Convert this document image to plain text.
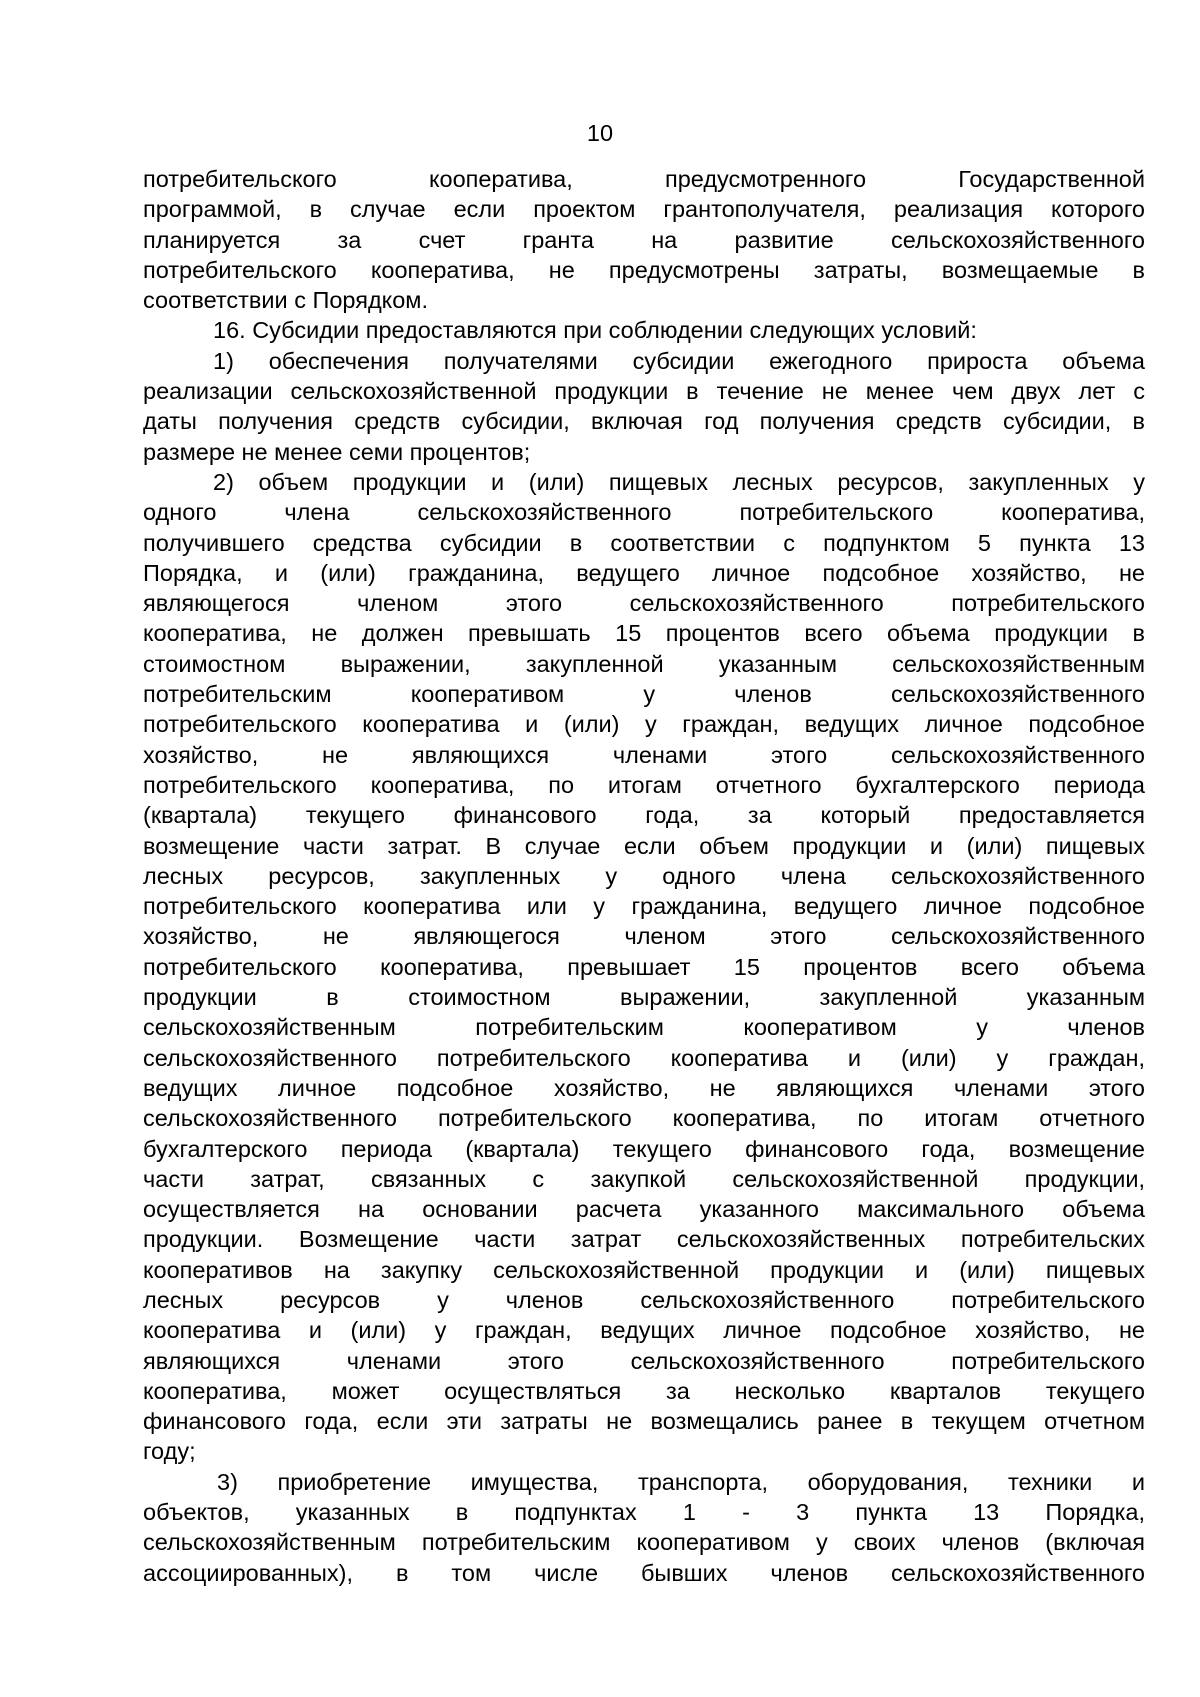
10

потребительского кооператива, предусмотренного Государственной
программой, в случае если проектом грантополучателя, реализация которого
планируется за счет гранта на развитие сельскохозяйственного
потребительского кооператива, не предусмотрены затраты, возмещаемые в
соответствии с Порядком.

16. Субсидии предоставляются при соблюдении следующих условий:

1) обеспечения получателями субсидии ежегодного прироста объема
реализации сельскохозяйственной продукции в течение не менее чем двух лет с
даты получения средств субсидии, включая год получения средств субсидии, в
размере не менее семи процентов;

2) объем продукции и (или) пищевых лесных ресурсов, закупленных у
одного члена сельскохозяйственного потребительского кооператива,
получившего средства субсидии в соответствии с подпунктом 5 пункта 13
Порядка, и (или) гражданина, ведущего личное подсобное хозяйство, не
являющегося членом этого сельскохозяйственного потребительского
кооператива, не должен превышать 15 процентов всего объема продукции в
стоимостном выражении, закупленной указанным сельскохозяйственным
потребительским кооперативом у членов сельскохозяйственного
потребительского кооператива и (или) у граждан, ведущих личное подсобное
хозяйство, не являющихся членами этого сельскохозяйственного
потребительского кооператива, по итогам отчетного бухгалтерского периода
(квартала) текущего финансового года, за который предоставляется
возмещение части затрат. В случае если объем продукции и (или) пищевых
лесных ресурсов, закупленных у одного члена сельскохозяйственного
потребительского кооператива или у гражданина, ведущего личное подсобное
хозяйство, не являющегося членом этого сельскохозяйственного
потребительского кооператива, превышает 15 процентов всего объема
продукции в стоимостном выражении, закупленной указанным
сельскохозяйственным потребительским кооперативом у членов
сельскохозяйственного потребительского кооператива и (или) у граждан,
ведущих личное подсобное хозяйство, не являющихся членами этого
сельскохозяйственного потребительского кооператива, по итогам отчетного
бухгалтерского периода (квартала) текущего финансового года, возмещение
части затрат, связанных с закупкой сельскохозяйственной продукции,
осуществляется на основании расчета указанного максимального объема
продукции. Возмещение части затрат сельскохозяйственных потребительских
кооперативов на закупку сельскохозяйственной продукции и (или) пищевых
лесных ресурсов у членов сельскохозяйственного потребительского
кооператива и (или) у граждан, ведущих личное подсобное хозяйство, не
являющихся членами этого сельскохозяйственного потребительского
кооператива, может осуществляться за несколько кварталов текущего
финансового года, если эти затраты не возмещались ранее в текущем отчетном
году;

3) приобретение имущества, транспорта, оборудования, техники и
объектов, указанных в подпунктах 1 - 3 пункта 13 Порядка,
сельскохозяйственным потребительским кооперативом у своих членов (включая
ассоциированных), в том числе бывших членов сельскохозяйственного
